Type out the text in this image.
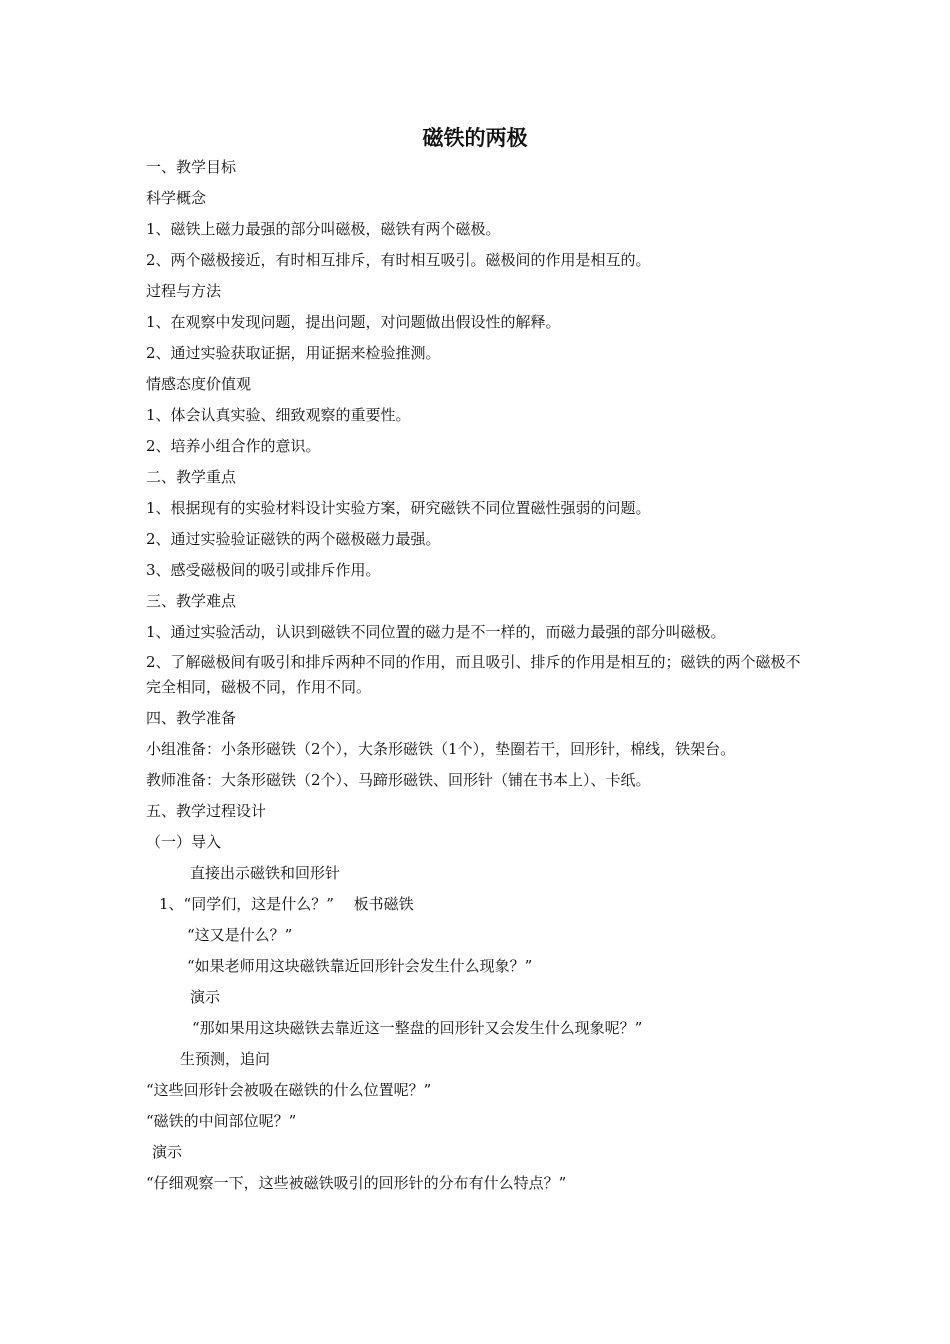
磁铁的两极
一、教学目标
科学概念
1、磁铁上磁力最强的部分叫磁极，磁铁有两个磁极。
2、两个磁极接近，有时相互排斥，有时相互吸引。磁极间的作用是相互的。
过程与方法
1、在观察中发现问题，提出问题，对问题做出假设性的解释。
2、通过实验获取证据，用证据来检验推测。
情感态度价值观
1、体会认真实验、细致观察的重要性。
2、培养小组合作的意识。
二、教学重点
1、根据现有的实验材料设计实验方案，研究磁铁不同位置磁性强弱的问题。
2、通过实验验证磁铁的两个磁极磁力最强。
3、感受磁极间的吸引或排斥作用。
三、教学难点
1、通过实验活动，认识到磁铁不同位置的磁力是不一样的，而磁力最强的部分叫磁极。
2、了解磁极间有吸引和排斥两种不同的作用，而且吸引、排斥的作用是相互的；磁铁的两个磁极不完全相同，磁极不同，作用不同。
四、教学准备
小组准备：小条形磁铁（2个），大条形磁铁（1个），垫圈若干，回形针，棉线，铁架台。
教师准备：大条形磁铁（2个）、马蹄形磁铁、回形针（铺在书本上）、卡纸。
五、教学过程设计
（一）导入
直接出示磁铁和回形针
1、“同学们，这是什么？”　 板书磁铁
“这又是什么？”
“如果老师用这块磁铁靠近回形针会发生什么现象？”
演示
“那如果用这块磁铁去靠近这一整盘的回形针又会发生什么现象呢？”
生预测，追问
“这些回形针会被吸在磁铁的什么位置呢？”
“磁铁的中间部位呢？”
演示
“仔细观察一下，这些被磁铁吸引的回形针的分布有什么特点？”
